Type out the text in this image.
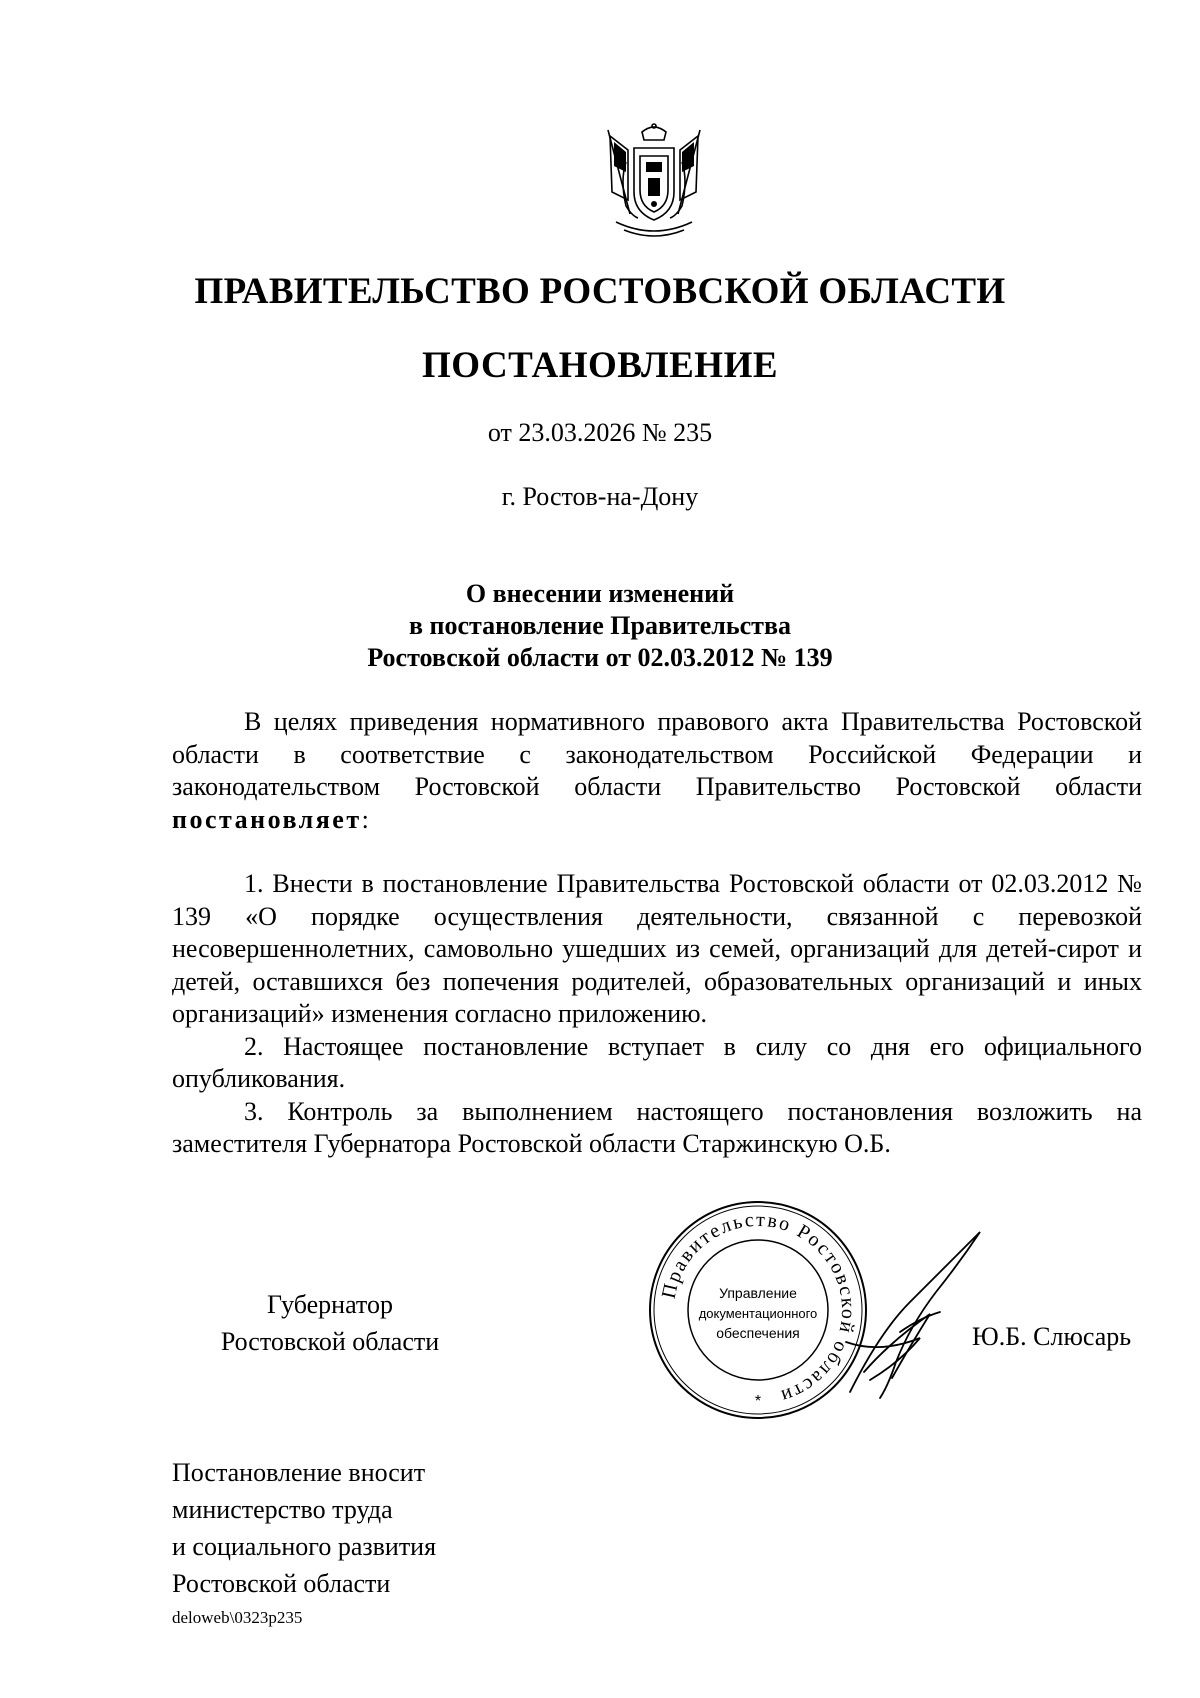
ПРАВИТЕЛЬСТВО РОСТОВСКОЙ ОБЛАСТИ
ПОСТАНОВЛЕНИЕ
от 23.03.2026 № 235
г. Ростов-на-Дону
О внесении изменений
в постановление Правительства
Ростовской области от 02.03.2012 № 139

В целях приведения нормативного правового акта Правительства Ростовской области в соответствие с законодательством Российской Федерации и законодательством Ростовской области Правительство Ростовской области постановляет:

1. Внести в постановление Правительства Ростовской области от 02.03.2012 № 139 «О порядке осуществления деятельности, связанной с перевозкой несовершеннолетних, самовольно ушедших из семей, организаций для детей-сирот и детей, оставшихся без попечения родителей, образовательных организаций и иных организаций» изменения согласно приложению.

2. Настоящее постановление вступает в силу со дня его официального опубликования.

3. Контроль за выполнением настоящего постановления возложить на заместителя Губернатора Ростовской области Старжинскую О.Б.

Губернатор
Ростовской области
Правительство Ростовской области
Управление
документационного
обеспечения
*
Ю.Б. Слюсарь
Постановление вносит
министерство труда
и социального развития
Ростовской области
deloweb\0323p235
